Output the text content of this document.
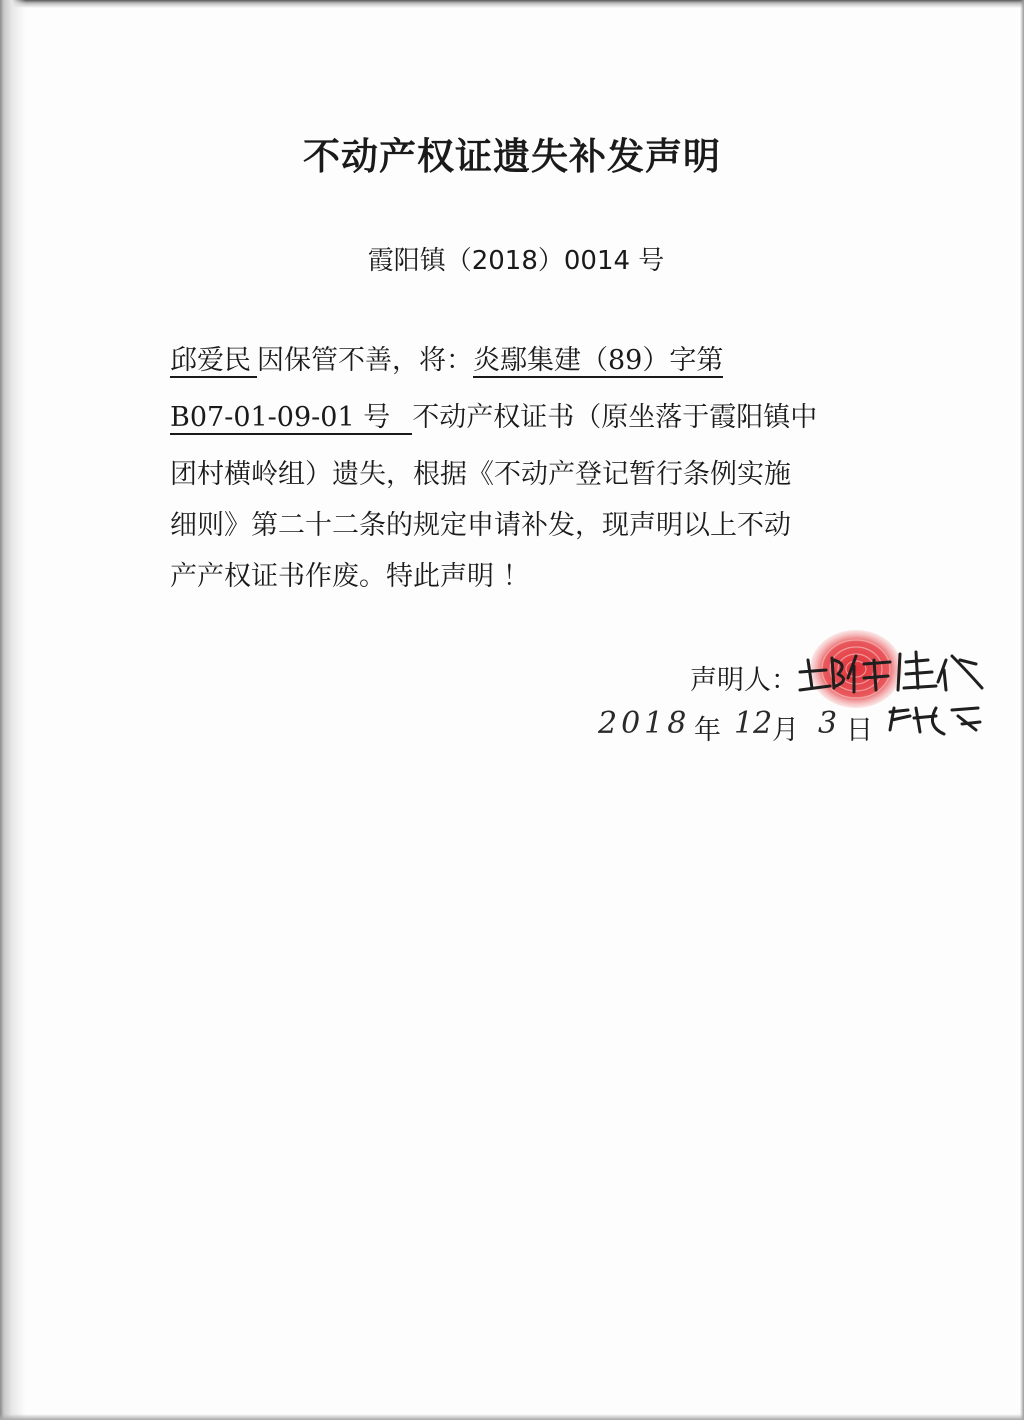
不动产权证遗失补发声明
霞阳镇（2018）0014 号
邱爱民 因保管不善，将：炎鄢集建（89）字第
B07-01-09-01 号 不动产权证书（原坐落于霞阳镇中
团村横岭组）遗失，根据《不动产登记暂行条例实施
细则》第二十二条的规定申请补发，现声明以上不动
产产权证书作废。特此声明 ！
声明人：
2018 年 12 月 3 日
